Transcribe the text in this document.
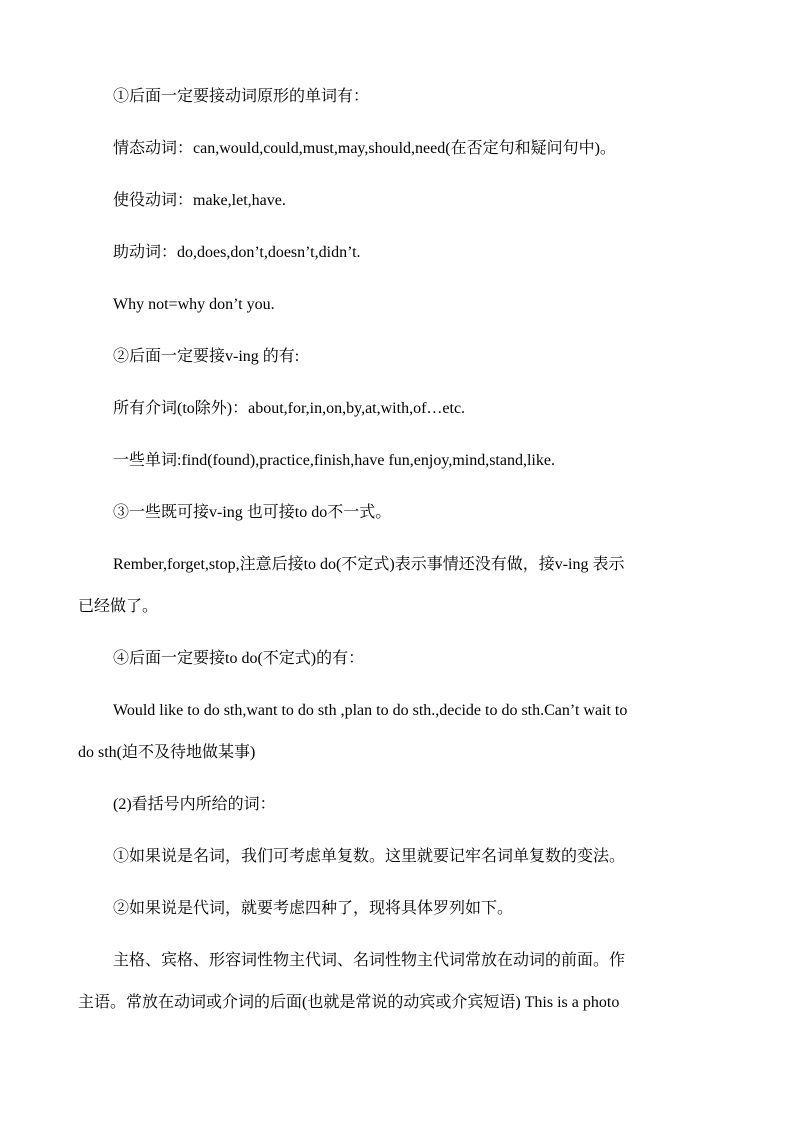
①后面一定要接动词原形的单词有：
情态动词：can,would,could,must,may,should,need(在否定句和疑问句中)。
使役动词：make,let,have.
助动词：do,does,don’t,doesn’t,didn’t.
Why not=why don’t you.
②后面一定要接v-ing 的有:
所有介词(to除外)：about,for,in,on,by,at,with,of…etc.
一些单词:find(found),practice,finish,have fun,enjoy,mind,stand,like.
③一些既可接v-ing 也可接to do不一式。
Rember,forget,stop,注意后接to do(不定式)表示事情还没有做，接v-ing 表示
已经做了。
④后面一定要接to do(不定式)的有：
Would like to do sth,want to do sth ,plan to do sth.,decide to do sth.Can’t wait to
do sth(迫不及待地做某事)
(2)看括号内所给的词：
①如果说是名词，我们可考虑单复数。这里就要记牢名词单复数的变法。
②如果说是代词，就要考虑四种了，现将具体罗列如下。
主格、宾格、形容词性物主代词、名词性物主代词常放在动词的前面。作
主语。常放在动词或介词的后面(也就是常说的动宾或介宾短语) This is a photo
